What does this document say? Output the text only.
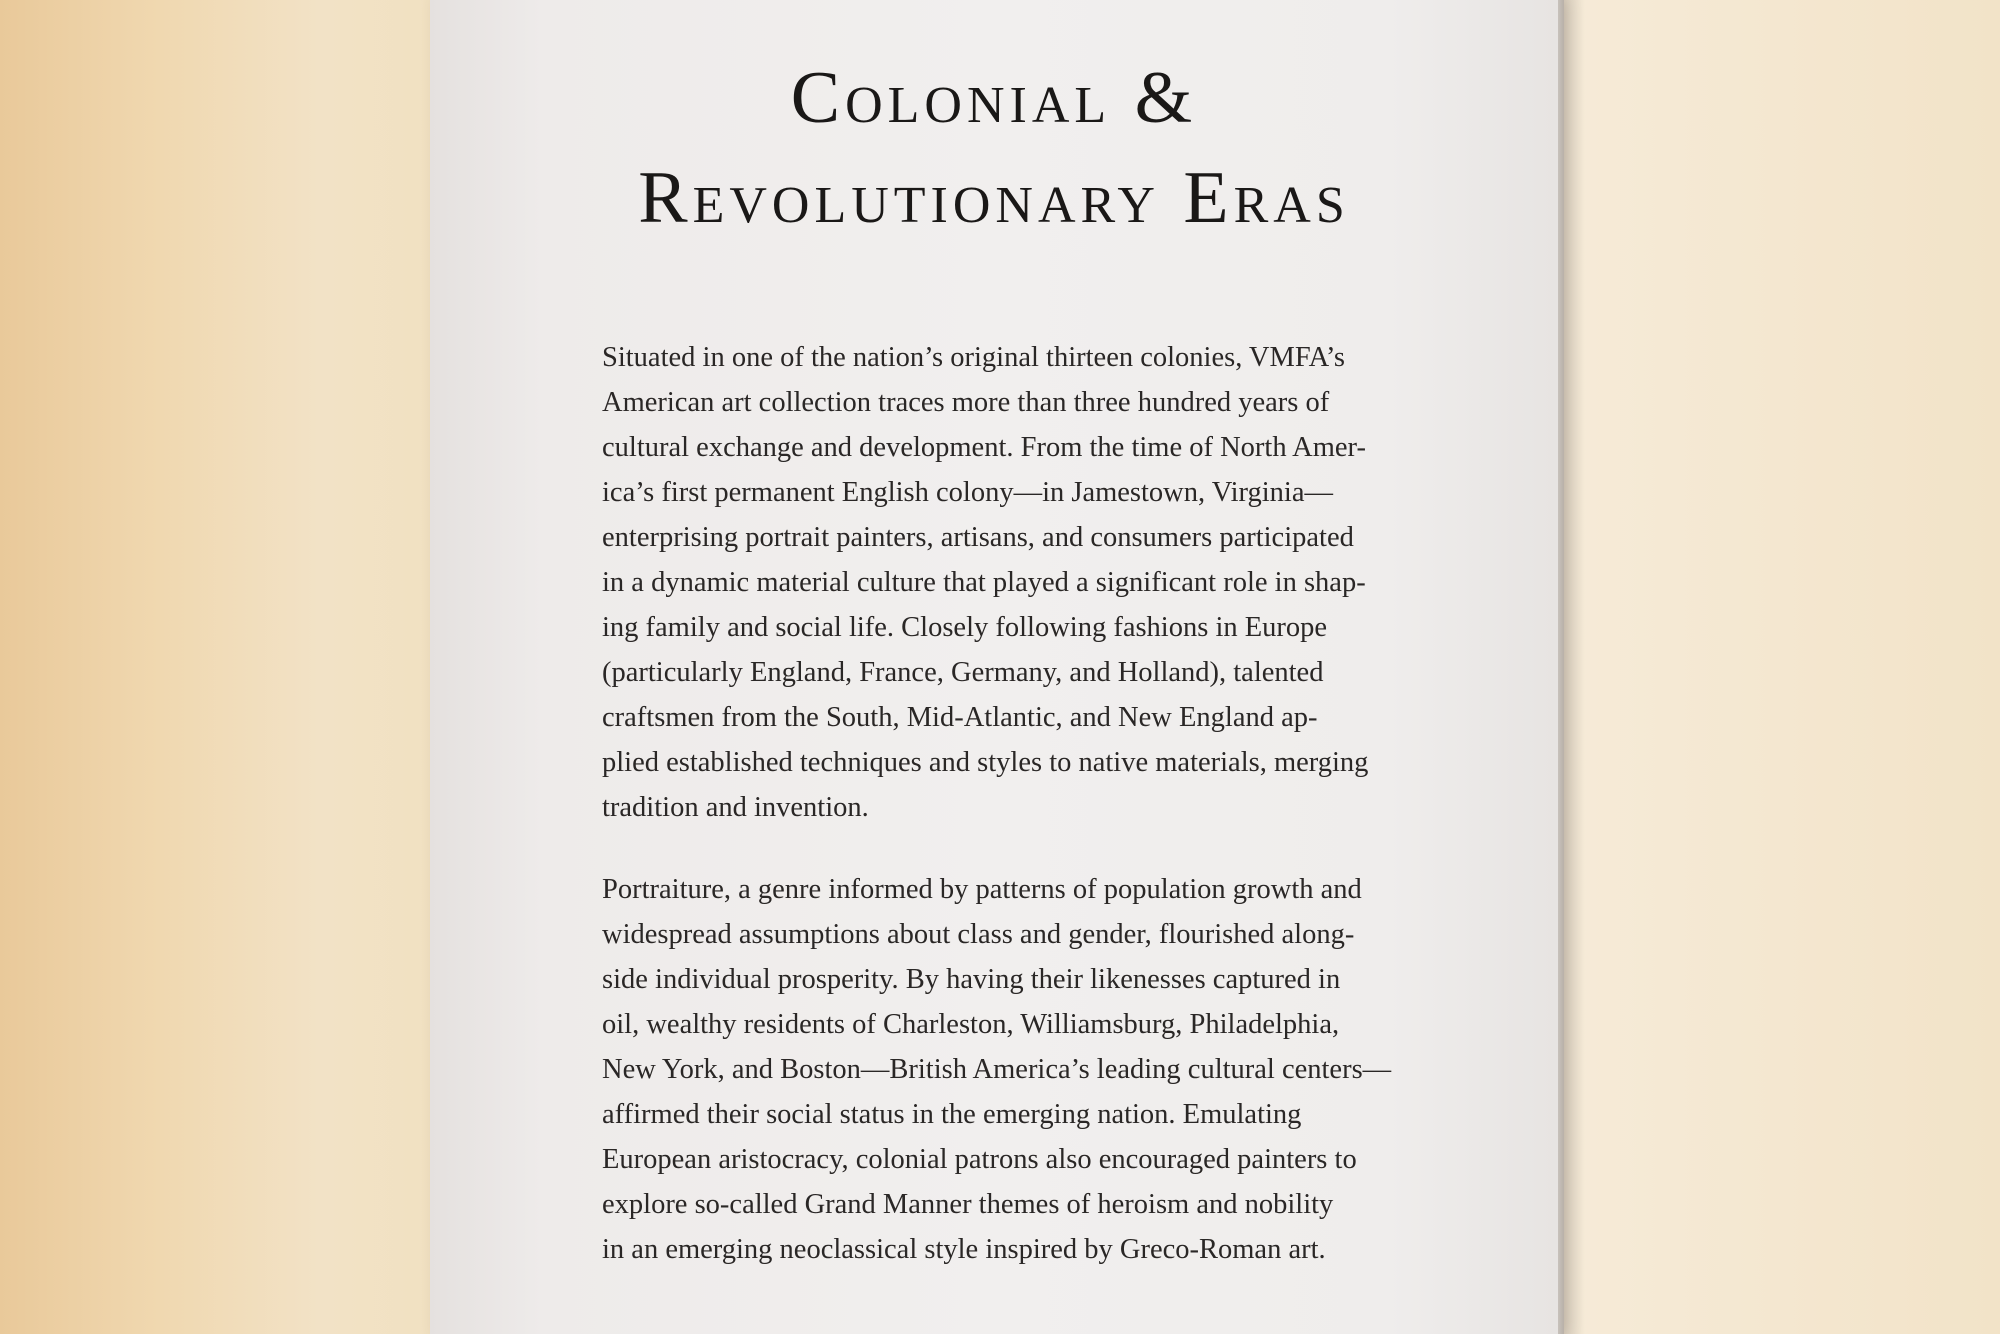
Colonial &
Revolutionary Eras

Situated in one of the nation’s original thirteen colonies, VMFA’s
American art collection traces more than three hundred years of
cultural exchange and development. From the time of North Amer-
ica’s first permanent English colony—in Jamestown, Virginia—
enterprising portrait painters, artisans, and consumers participated
in a dynamic material culture that played a significant role in shap-
ing family and social life. Closely following fashions in Europe
(particularly England, France, Germany, and Holland), talented
craftsmen from the South, Mid-Atlantic, and New England ap-
plied established techniques and styles to native materials, merging
tradition and invention.

Portraiture, a genre informed by patterns of population growth and
widespread assumptions about class and gender, flourished along-
side individual prosperity. By having their likenesses captured in
oil, wealthy residents of Charleston, Williamsburg, Philadelphia,
New York, and Boston—British America’s leading cultural centers—
affirmed their social status in the emerging nation. Emulating
European aristocracy, colonial patrons also encouraged painters to
explore so-called Grand Manner themes of heroism and nobility
in an emerging neoclassical style inspired by Greco-Roman art.
